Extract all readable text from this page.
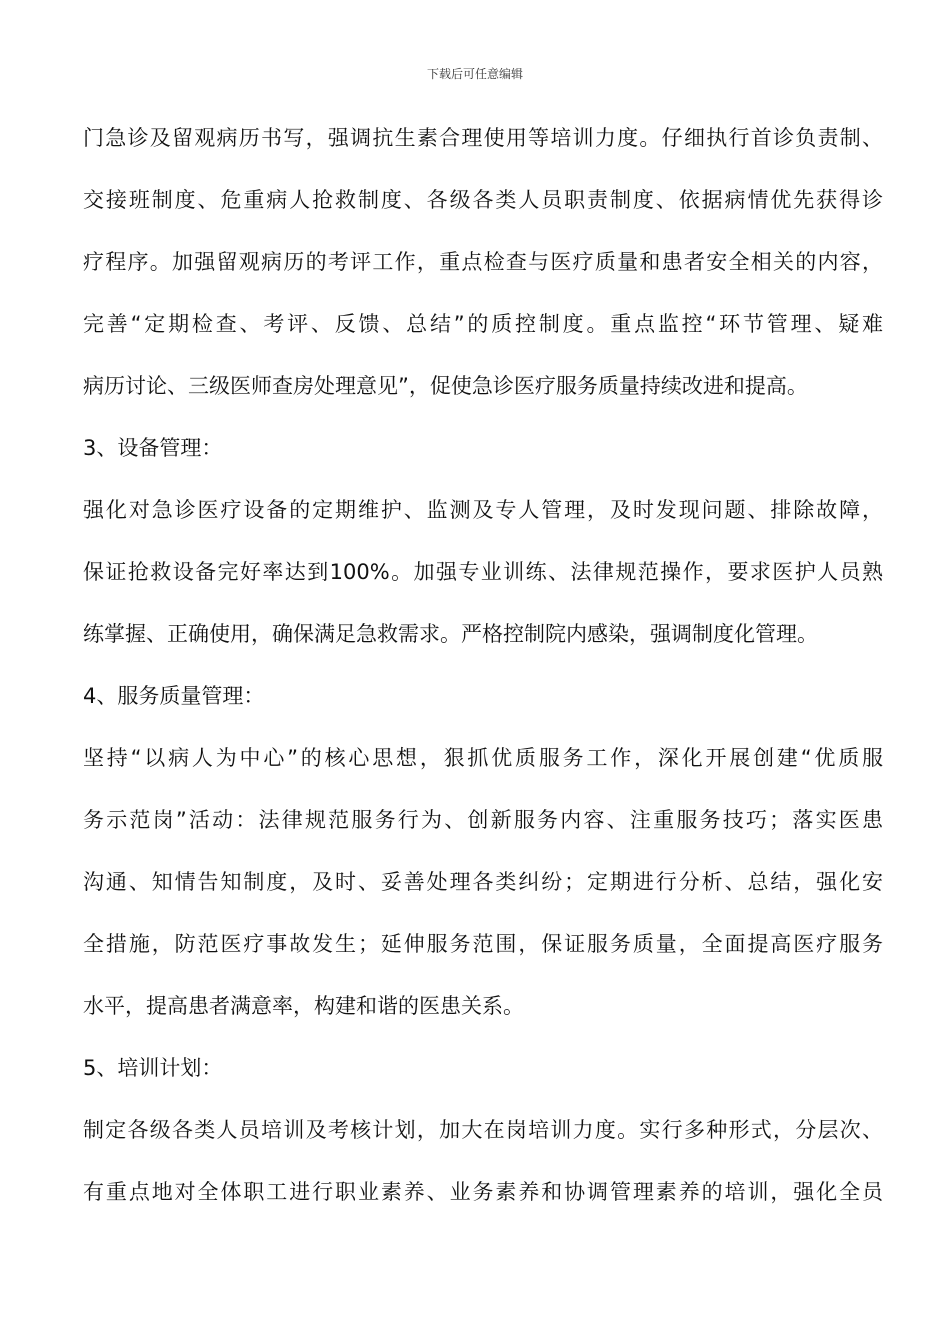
下载后可任意编辑
门急诊及留观病历书写，强调抗生素合理使用等培训力度。仔细执行首诊负责制、
交接班制度、危重病人抢救制度、各级各类人员职责制度、依据病情优先获得诊
疗程序。加强留观病历的考评工作，重点检查与医疗质量和患者安全相关的内容，
完善“定期检查、考评、反馈、总结”的质控制度。重点监控“环节管理、疑难
病历讨论、三级医师查房处理意见”，促使急诊医疗服务质量持续改进和提高。
3、设备管理：
强化对急诊医疗设备的定期维护、监测及专人管理，及时发现问题、排除故障，
保证抢救设备完好率达到100%。加强专业训练、法律规范操作，要求医护人员熟
练掌握、正确使用，确保满足急救需求。严格控制院内感染，强调制度化管理。
4、服务质量管理：
坚持“以病人为中心”的核心思想，狠抓优质服务工作，深化开展创建“优质服
务示范岗”活动：法律规范服务行为、创新服务内容、注重服务技巧；落实医患
沟通、知情告知制度，及时、妥善处理各类纠纷；定期进行分析、总结，强化安
全措施，防范医疗事故发生；延伸服务范围，保证服务质量，全面提高医疗服务
水平，提高患者满意率，构建和谐的医患关系。
5、培训计划：
制定各级各类人员培训及考核计划，加大在岗培训力度。实行多种形式，分层次、
有重点地对全体职工进行职业素养、业务素养和协调管理素养的培训，强化全员
